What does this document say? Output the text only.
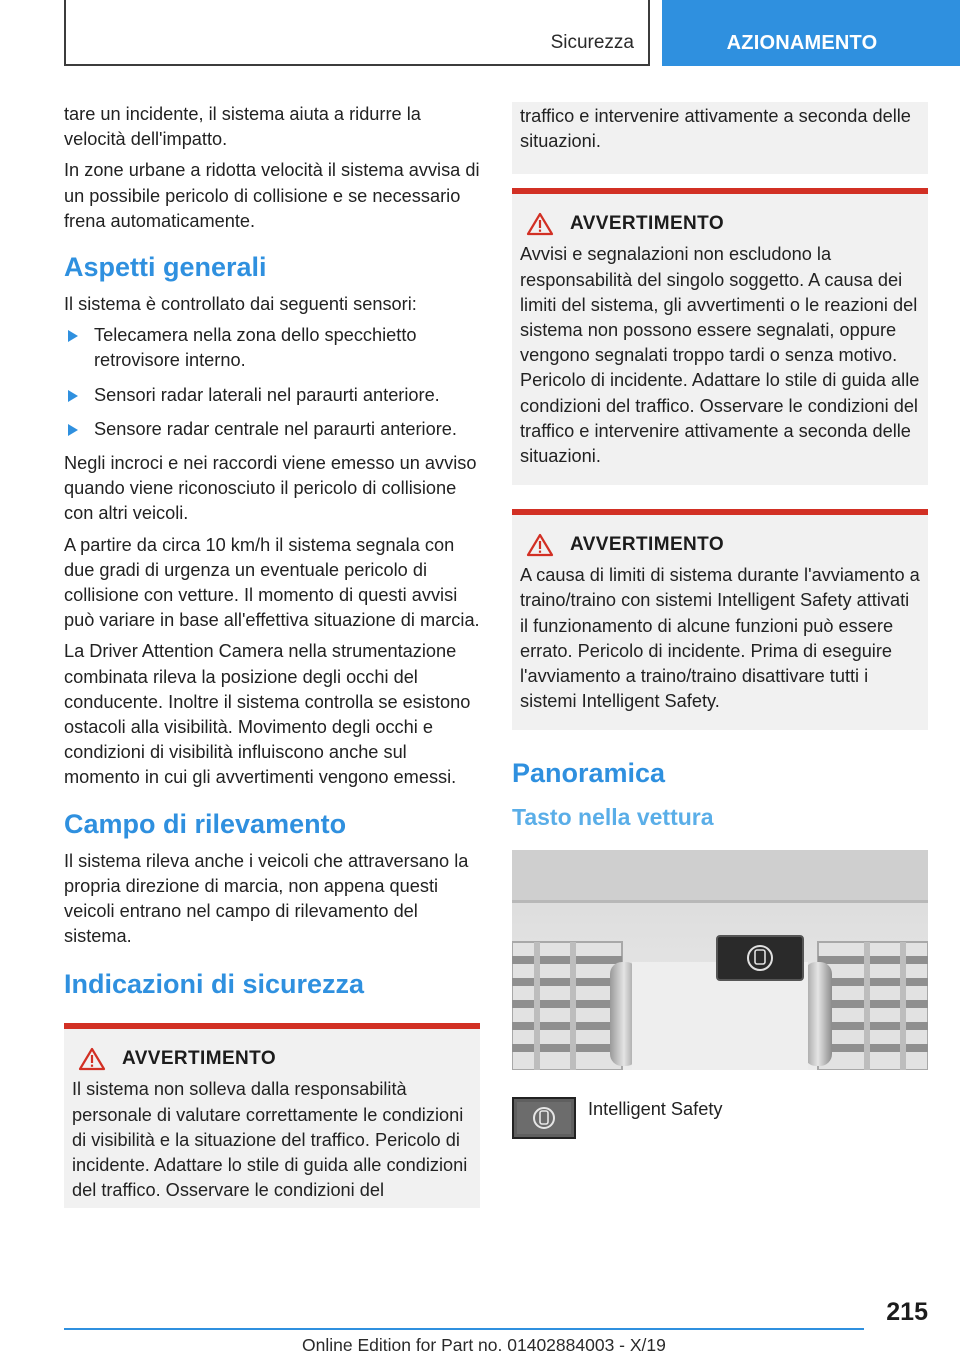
Sicurezza	AZIONAMENTO

tare un incidente, il sistema aiuta a ridurre la velocità dell'impatto.

In zone urbane a ridotta velocità il sistema avvisa di un possibile pericolo di collisione e se necessario frena automaticamente.

Aspetti generali

Il sistema è controllato dai seguenti sensori:

Telecamera nella zona dello specchietto retrovisore interno.
Sensori radar laterali nel paraurti anteriore.
Sensore radar centrale nel paraurti anteriore.

Negli incroci e nei raccordi viene emesso un avviso quando viene riconosciuto il pericolo di collisione con altri veicoli.

A partire da circa 10 km/h il sistema segnala con due gradi di urgenza un eventuale pericolo di collisione con vetture. Il momento di questi avvisi può variare in base all'effettiva situazione di marcia.

La Driver Attention Camera nella strumentazione combinata rileva la posizione degli occhi del conducente. Inoltre il sistema controlla se esistono ostacoli alla visibilità. Movimento degli occhi e condizioni di visibilità influiscono anche sul momento in cui gli avvertimenti vengono emessi.

Campo di rilevamento

Il sistema rileva anche i veicoli che attraversano la propria direzione di marcia, non appena questi veicoli entrano nel campo di rilevamento del sistema.

Indicazioni di sicurezza
AVVERTIMENTO
Il sistema non solleva dalla responsabilità personale di valutare correttamente le condizioni di visibilità e la situazione del traffico. Pericolo di incidente. Adattare lo stile di guida alle condizioni del traffico. Osservare le condizioni del
traffico e intervenire attivamente a seconda delle situazioni.
AVVERTIMENTO
Avvisi e segnalazioni non escludono la responsabilità del singolo soggetto. A causa dei limiti del sistema, gli avvertimenti o le reazioni del sistema non possono essere segnalati, oppure vengono segnalati troppo tardi o senza motivo. Pericolo di incidente. Adattare lo stile di guida alle condizioni del traffico. Osservare le condizioni del traffico e intervenire attivamente a seconda delle situazioni.
AVVERTIMENTO
A causa di limiti di sistema durante l'avviamento a traino/traino con sistemi Intelligent Safety attivati il funzionamento di alcune funzioni può essere errato. Pericolo di incidente. Prima di eseguire l'avviamento a traino/traino disattivare tutti i sistemi Intelligent Safety.
Panoramica
Tasto nella vettura
Intelligent Safety
215
Online Edition for Part no. 01402884003 - X/19
